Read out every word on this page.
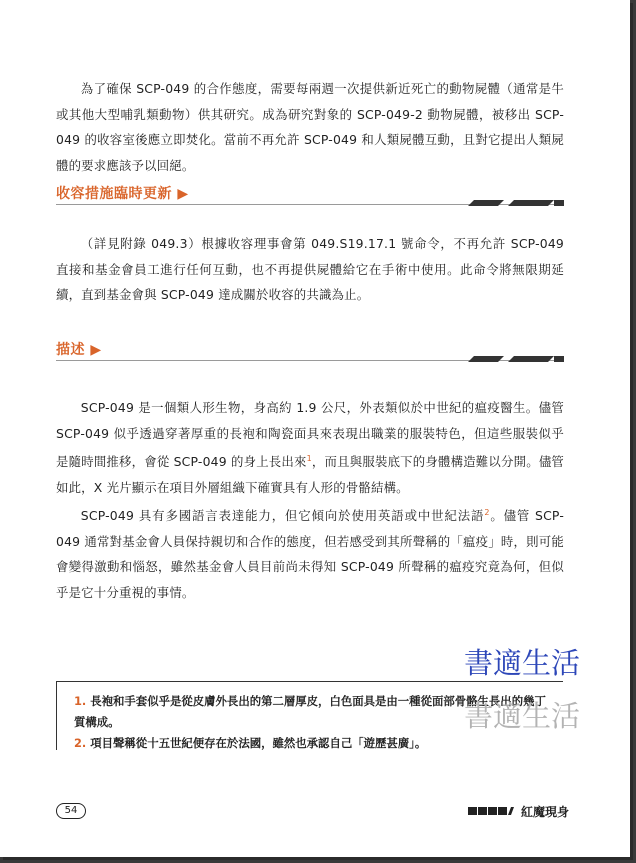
為了確保 SCP-049 的合作態度，需要每兩週一次提供新近死亡的動物屍體（通常是牛或其他大型哺乳類動物）供其研究。成為研究對象的 SCP-049-2 動物屍體，被移出 SCP-049 的收容室後應立即焚化。當前不再允許 SCP-049 和人類屍體互動，且對它提出人類屍體的要求應該予以回絕。

收容措施臨時更新 ▶

（詳見附錄 049.3）根據收容理事會第 049.S19.17.1 號命令，不再允許 SCP-049 直接和基金會員工進行任何互動，也不再提供屍體給它在手術中使用。此命令將無限期延續，直到基金會與 SCP-049 達成關於收容的共識為止。

描述 ▶

SCP-049 是一個類人形生物，身高約 1.9 公尺，外表類似於中世紀的瘟疫醫生。儘管 SCP-049 似乎透過穿著厚重的長袍和陶瓷面具來表現出職業的服裝特色，但這些服裝似乎是隨時間推移，會從 SCP-049 的身上長出來$^1$，而且與服裝底下的身體構造難以分開。儘管如此，X 光片顯示在項目外層組織下確實具有人形的骨骼結構。

SCP-049 具有多國語言表達能力，但它傾向於使用英語或中世紀法語$^2$。儘管 SCP-049 通常對基金會人員保持親切和合作的態度，但若感受到其所聲稱的「瘟疫」時，則可能會變得激動和惱怒，雖然基金會人員目前尚未得知 SCP-049 所聲稱的瘟疫究竟為何，但似乎是它十分重視的事情。

書適生活
1. 長袍和手套似乎是從皮膚外長出的第二層厚皮，白色面具是由一種從面部骨骼生長出的幾丁質構成。
2. 項目聲稱從十五世紀便存在於法國，雖然也承認自己「遊歷甚廣」。
書適生活
54	紅魔現身
